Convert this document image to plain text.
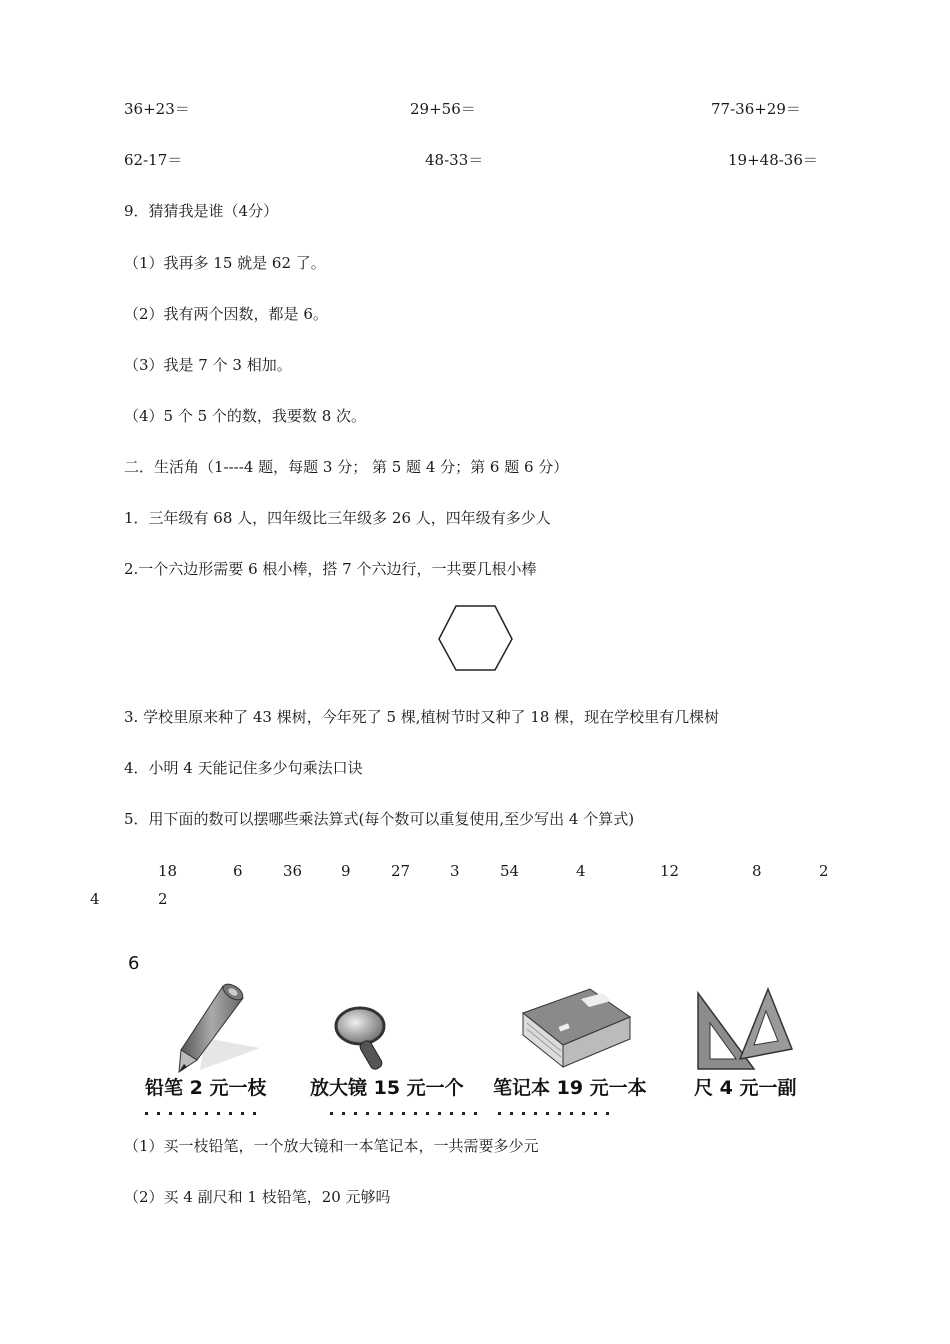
36+23＝	29+56＝	77-36+29＝
62-17＝	48-33＝	19+48-36＝
9．猜猜我是谁（4分）
（1）我再多 15 就是 62 了。
（2）我有两个因数，都是 6。
（3）我是 7 个 3 相加。
（4）5 个 5 个的数，我要数 8 次。
二．生活角（1----4 题，每题 3 分； 第 5 题 4 分；第 6 题 6 分）
1．三年级有 68 人，四年级比三年级多 26 人，四年级有多少人
2.一个六边形需要 6 根小棒，搭 7 个六边行，一共要几根小棒
3. 学校里原来种了 43 棵树，今年死了 5 棵,植树节时又种了 18 棵，现在学校里有几棵树
4．小明 4 天能记住多少句乘法口诀
5．用下面的数可以摆哪些乘法算式(每个数可以重复使用,至少写出 4 个算式)
18	6	36	9	27	3	54	4	12	8	2
4	2
6
铅笔 2 元一枝 放大镜 15 元一个 笔记本 19 元一本 尺 4 元一副
（1）买一枝铅笔，一个放大镜和一本笔记本，一共需要多少元
（2）买 4 副尺和 1 枝铅笔，20 元够吗
